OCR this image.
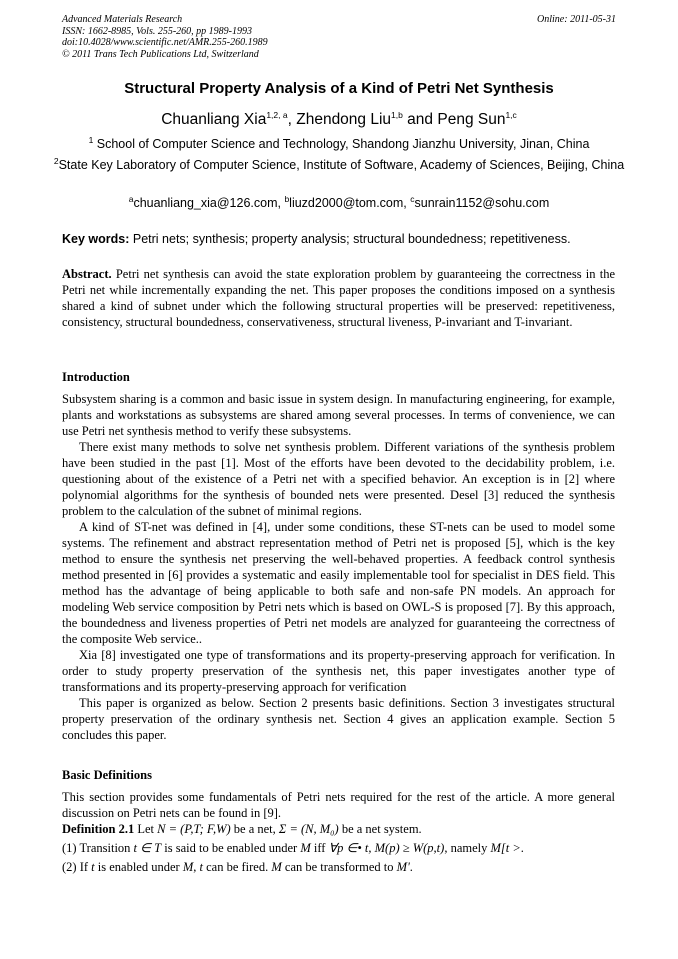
Advanced Materials Research
ISSN: 1662-8985, Vols. 255-260, pp 1989-1993
doi:10.4028/www.scientific.net/AMR.255-260.1989
© 2011 Trans Tech Publications Ltd, Switzerland
Online: 2011-05-31
Structural Property Analysis of a Kind of Petri Net Synthesis
Chuanliang Xia$^{1,2, a}$, Zhendong Liu$^{1,b}$ and Peng Sun$^{1,c}$
$^1$ School of Computer Science and Technology, Shandong Jianzhu University, Jinan, China
$^2$State Key Laboratory of Computer Science, Institute of Software, Academy of Sciences, Beijing, China
$^a$chuanliang_xia@126.com, $^b$liuzd2000@tom.com, $^c$sunrain1152@sohu.com
Key words: Petri nets; synthesis; property analysis; structural boundedness; repetitiveness.

Abstract. Petri net synthesis can avoid the state exploration problem by guaranteeing the correctness in the Petri net while incrementally expanding the net. This paper proposes the conditions imposed on a synthesis shared a kind of subnet under which the following structural properties will be preserved: repetitiveness, consistency, structural boundedness, conservativeness, structural liveness, P-invariant and T-invariant.

Introduction

Subsystem sharing is a common and basic issue in system design. In manufacturing engineering, for example, plants and workstations as subsystems are shared among several processes. In terms of convenience, we can use Petri net synthesis method to verify these subsystems.

There exist many methods to solve net synthesis problem. Different variations of the synthesis problem have been studied in the past [1]. Most of the efforts have been devoted to the decidability problem, i.e. questioning about of the existence of a Petri net with a specified behavior. An exception is in [2] where polynomial algorithms for the synthesis of bounded nets were presented. Desel [3] reduced the synthesis problem to the calculation of the subnet of minimal regions.

A kind of ST-net was defined in [4], under some conditions, these ST-nets can be used to model some systems. The refinement and abstract representation method of Petri net is proposed [5], which is the key method to ensure the synthesis net preserving the well-behaved properties. A feedback control synthesis method presented in [6] provides a systematic and easily implementable tool for specialist in DES field. This method has the advantage of being applicable to both safe and non-safe PN models. An approach for modeling Web service composition by Petri nets which is based on OWL-S is proposed [7]. By this approach, the boundedness and liveness properties of Petri net models are analyzed for guaranteeing the correctness of the composite Web service..

Xia [8] investigated one type of transformations and its property-preserving approach for verification. In order to study property preservation of the synthesis net, this paper investigates another type of transformations and its property-preserving approach for verification

This paper is organized as below. Section 2 presents basic definitions. Section 3 investigates structural property preservation of the ordinary synthesis net. Section 4 gives an application example. Section 5 concludes this paper.

Basic Definitions

This section provides some fundamentals of Petri nets required for the rest of the article. A more general discussion on Petri nets can be found in [9].

Definition 2.1 Let N = (P,T; F,W) be a net, Σ = (N, M₀) be a net system.

(1) Transition t ∈ T is said to be enabled under M iff ∀p ∈• t, M(p) ≥ W(p,t), namely M[t >.

(2) If t is enabled under M, t can be fired. M can be transformed to M'.
